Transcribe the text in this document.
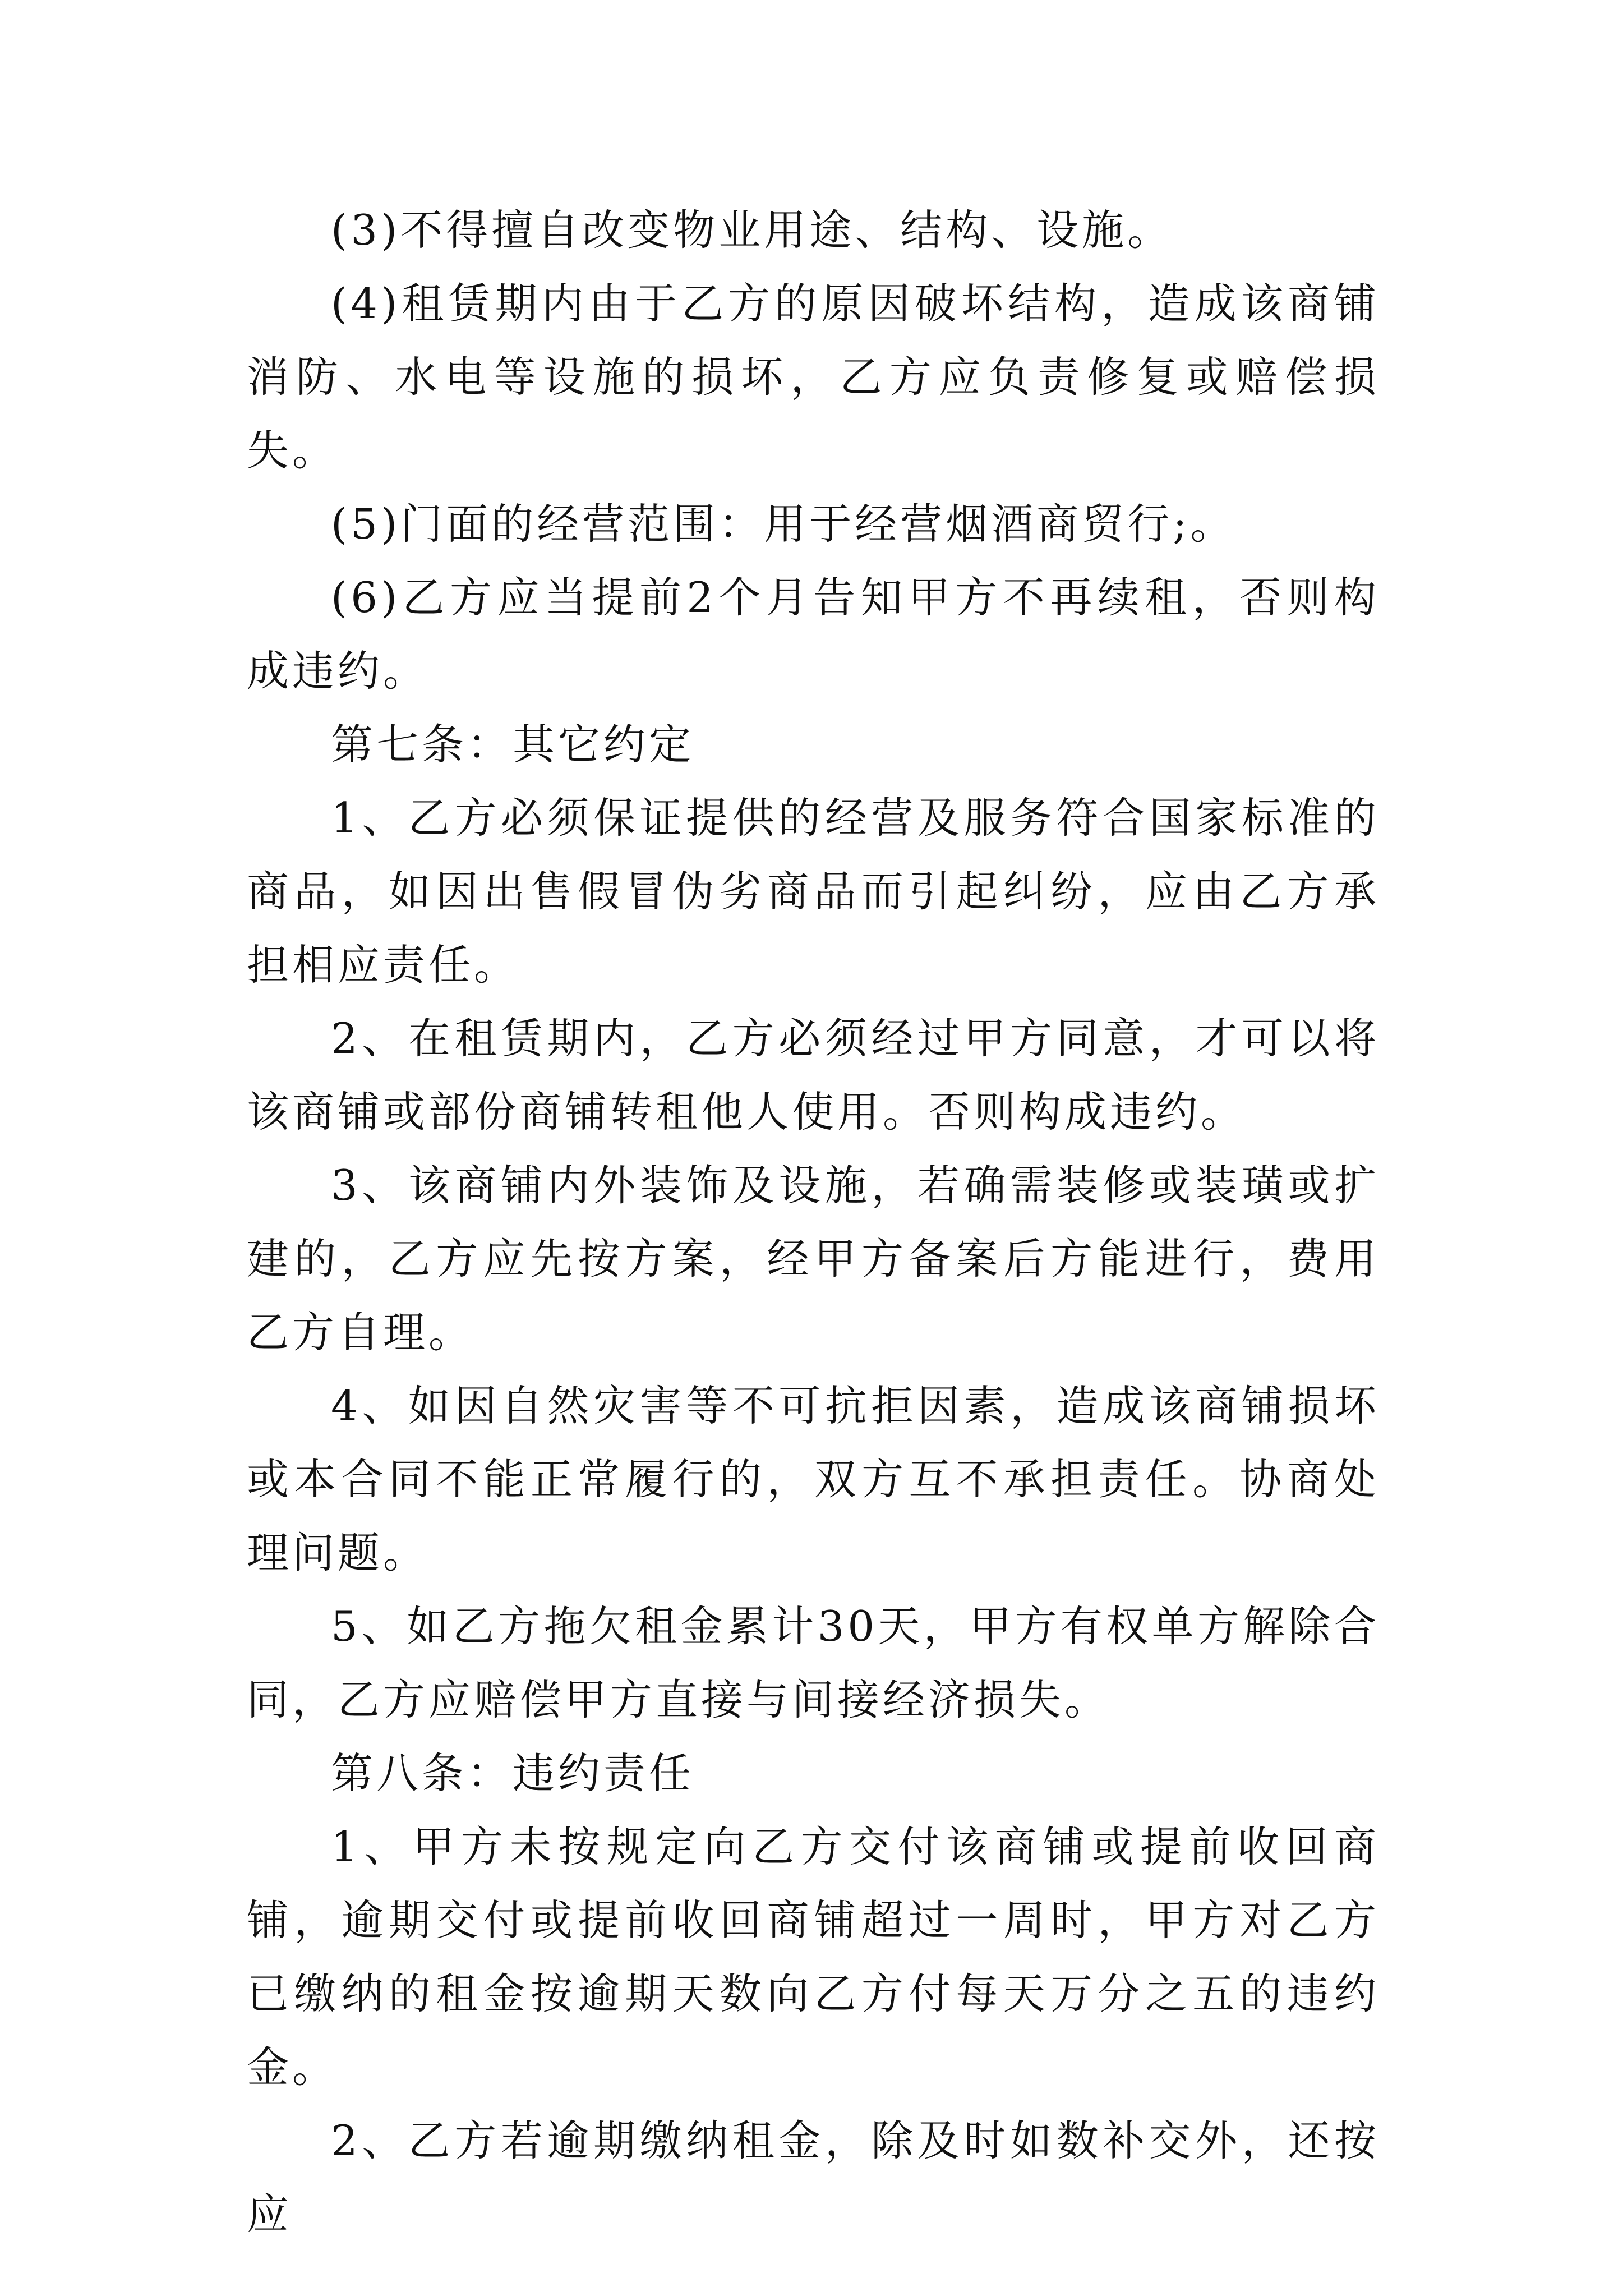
(3)不得擅自改变物业用途、结构、设施。

(4)租赁期内由于乙方的原因破坏结构，造成该商铺消防、水电等设施的损坏，乙方应负责修复或赔偿损失。

(5)门面的经营范围：用于经营烟酒商贸行;。

(6)乙方应当提前2个月告知甲方不再续租，否则构成违约。

第七条：其它约定

1、乙方必须保证提供的经营及服务符合国家标准的商品，如因出售假冒伪劣商品而引起纠纷，应由乙方承担相应责任。

2、在租赁期内，乙方必须经过甲方同意，才可以将该商铺或部份商铺转租他人使用。否则构成违约。

3、该商铺内外装饰及设施，若确需装修或装璜或扩建的，乙方应先按方案，经甲方备案后方能进行，费用乙方自理。

4、如因自然灾害等不可抗拒因素，造成该商铺损坏或本合同不能正常履行的，双方互不承担责任。协商处理问题。

5、如乙方拖欠租金累计30天，甲方有权单方解除合同，乙方应赔偿甲方直接与间接经济损失。

第八条：违约责任

1、甲方未按规定向乙方交付该商铺或提前收回商铺，逾期交付或提前收回商铺超过一周时，甲方对乙方已缴纳的租金按逾期天数向乙方付每天万分之五的违约金。

2、乙方若逾期缴纳租金，除及时如数补交外，还按应
